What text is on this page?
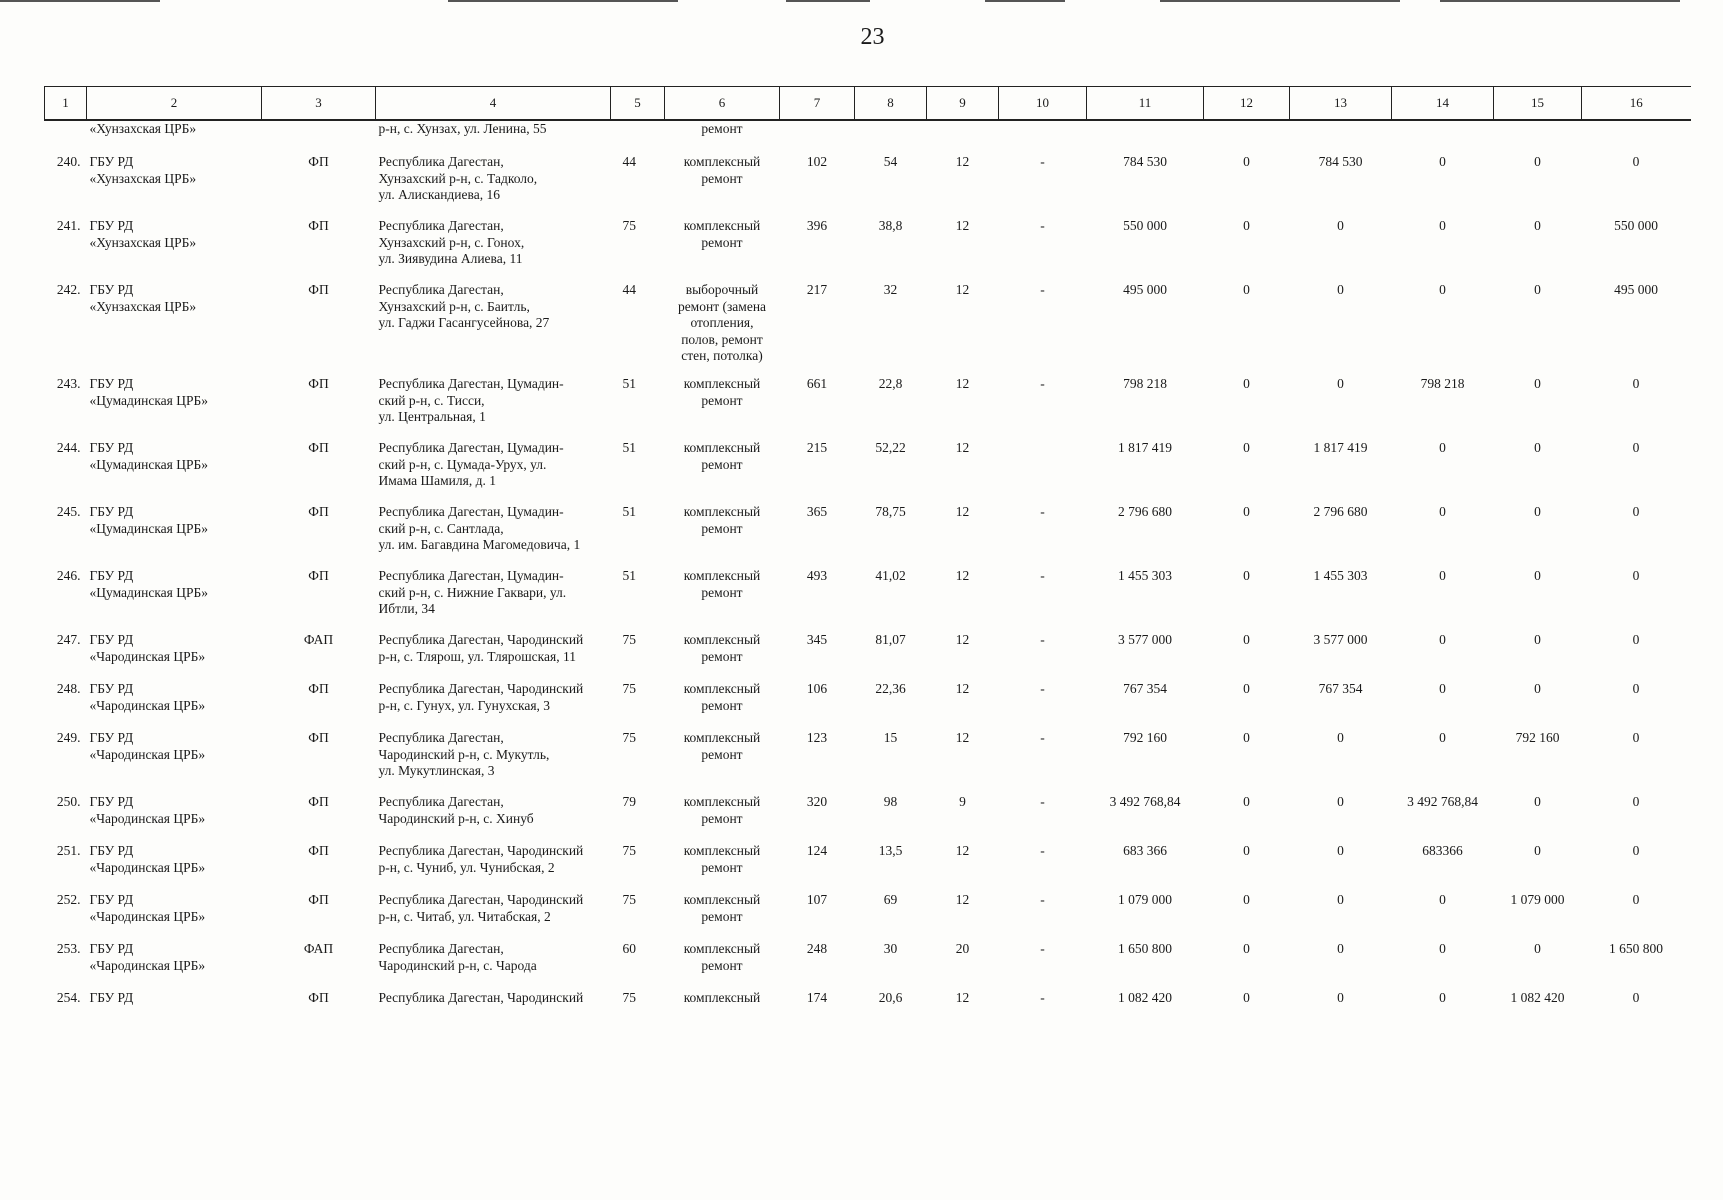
23
1	2	3	4	5	6	7	8	9	10	11	12	13	14	15	16
	«Хунзахская ЦРБ»		р-н, с. Хунзах, ул. Ленина, 55		ремонт										
240.	ГБУ РД
«Хунзахская ЦРБ»	ФП	Республика Дагестан,
Хунзахский р-н, с. Тадколо,
ул. Алискандиева, 16	44	комплексный
ремонт	102	54	12	-	784 530	0	784 530	0	0	0
241.	ГБУ РД
«Хунзахская ЦРБ»	ФП	Республика Дагестан,
Хунзахский р-н, с. Гонох,
ул. Зиявудина Алиева, 11	75	комплексный
ремонт	396	38,8	12	-	550 000	0	0	0	0	550 000
242.	ГБУ РД
«Хунзахская ЦРБ»	ФП	Республика Дагестан,
Хунзахский р-н, с. Баитль,
ул. Гаджи Гасангусейнова, 27	44	выборочный
ремонт (замена
отопления,
полов, ремонт
стен, потолка)	217	32	12	-	495 000	0	0	0	0	495 000
243.	ГБУ РД
«Цумадинская ЦРБ»	ФП	Республика Дагестан, Цумадин-
ский р-н, с. Тисси,
ул. Центральная, 1	51	комплексный
ремонт	661	22,8	12	-	798 218	0	0	798 218	0	0
244.	ГБУ РД
«Цумадинская ЦРБ»	ФП	Республика Дагестан, Цумадин-
ский р-н, с. Цумада-Урух, ул.
Имама Шамиля, д. 1	51	комплексный
ремонт	215	52,22	12		1 817 419	0	1 817 419	0	0	0
245.	ГБУ РД
«Цумадинская ЦРБ»	ФП	Республика Дагестан, Цумадин-
ский р-н, с. Сантлада,
ул. им. Багавдина Магомедовича, 1	51	комплексный
ремонт	365	78,75	12	-	2 796 680	0	2 796 680	0	0	0
246.	ГБУ РД
«Цумадинская ЦРБ»	ФП	Республика Дагестан, Цумадин-
ский р-н, с. Нижние Гаквари, ул.
Ибтли, 34	51	комплексный
ремонт	493	41,02	12	-	1 455 303	0	1 455 303	0	0	0
247.	ГБУ РД
«Чародинская ЦРБ»	ФАП	Республика Дагестан, Чародинский
р-н, с. Тлярош, ул. Тлярошская, 11	75	комплексный
ремонт	345	81,07	12	-	3 577 000	0	3 577 000	0	0	0
248.	ГБУ РД
«Чародинская ЦРБ»	ФП	Республика Дагестан, Чародинский
р-н, с. Гунух, ул. Гунухская, 3	75	комплексный
ремонт	106	22,36	12	-	767 354	0	767 354	0	0	0
249.	ГБУ РД
«Чародинская ЦРБ»	ФП	Республика Дагестан,
Чародинский р-н, с. Мукутль,
ул. Мукутлинская, 3	75	комплексный
ремонт	123	15	12	-	792 160	0	0	0	792 160	0
250.	ГБУ РД
«Чародинская ЦРБ»	ФП	Республика Дагестан,
Чародинский р-н, с. Хинуб	79	комплексный
ремонт	320	98	9	-	3 492 768,84	0	0	3 492 768,84	0	0
251.	ГБУ РД
«Чародинская ЦРБ»	ФП	Республика Дагестан, Чародинский
р-н, с. Чуниб, ул. Чунибская, 2	75	комплексный
ремонт	124	13,5	12	-	683 366	0	0	683366	0	0
252.	ГБУ РД
«Чародинская ЦРБ»	ФП	Республика Дагестан, Чародинский
р-н, с. Читаб, ул. Читабская, 2	75	комплексный
ремонт	107	69	12	-	1 079 000	0	0	0	1 079 000	0
253.	ГБУ РД
«Чародинская ЦРБ»	ФАП	Республика Дагестан,
Чародинский р-н, с. Чарода	60	комплексный
ремонт	248	30	20	-	1 650 800	0	0	0	0	1 650 800
254.	ГБУ РД	ФП	Республика Дагестан, Чародинский	75	комплексный	174	20,6	12	-	1 082 420	0	0	0	1 082 420	0
